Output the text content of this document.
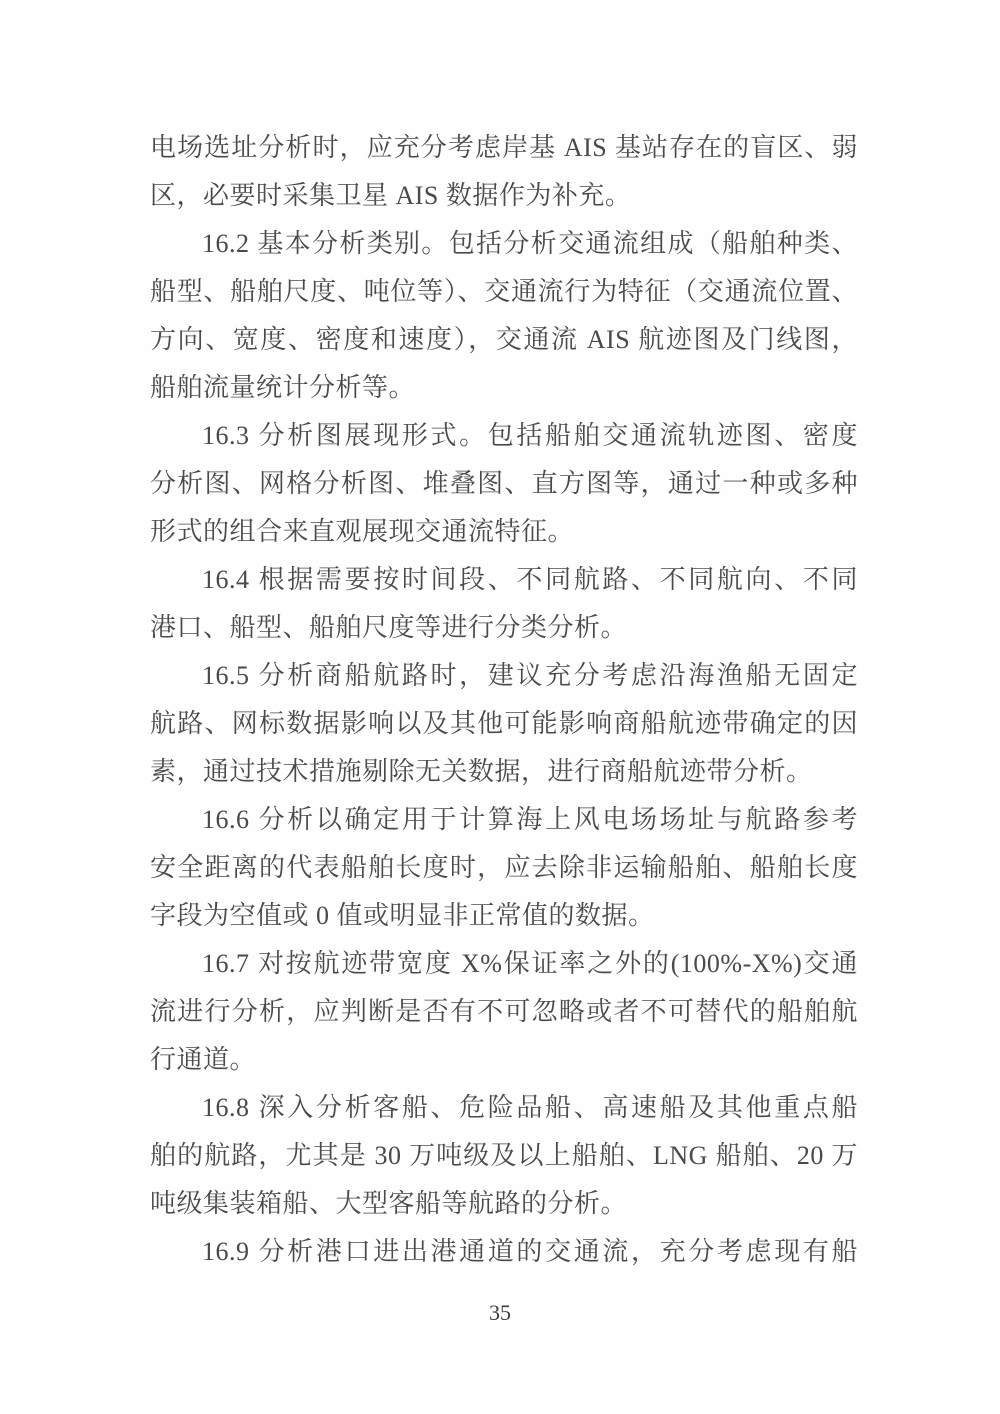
电场选址分析时，应充分考虑岸基 AIS 基站存在的盲区、弱
区，必要时采集卫星 AIS 数据作为补充。
16.2 基本分析类别。包括分析交通流组成（船舶种类、
船型、船舶尺度、吨位等）、交通流行为特征（交通流位置、
方向、宽度、密度和速度），交通流 AIS 航迹图及门线图，
船舶流量统计分析等。
16.3 分析图展现形式。包括船舶交通流轨迹图、密度
分析图、网格分析图、堆叠图、直方图等，通过一种或多种
形式的组合来直观展现交通流特征。
16.4 根据需要按时间段、不同航路、不同航向、不同
港口、船型、船舶尺度等进行分类分析。
16.5 分析商船航路时，建议充分考虑沿海渔船无固定
航路、网标数据影响以及其他可能影响商船航迹带确定的因
素，通过技术措施剔除无关数据，进行商船航迹带分析。
16.6 分析以确定用于计算海上风电场场址与航路参考
安全距离的代表船舶长度时，应去除非运输船舶、船舶长度
字段为空值或 0 值或明显非正常值的数据。
16.7 对按航迹带宽度 X%保证率之外的(100%-X%)交通
流进行分析，应判断是否有不可忽略或者不可替代的船舶航
行通道。
16.8 深入分析客船、危险品船、高速船及其他重点船
舶的航路，尤其是 30 万吨级及以上船舶、LNG 船舶、20 万
吨级集装箱船、大型客船等航路的分析。
16.9 分析港口进出港通道的交通流，充分考虑现有船
35
